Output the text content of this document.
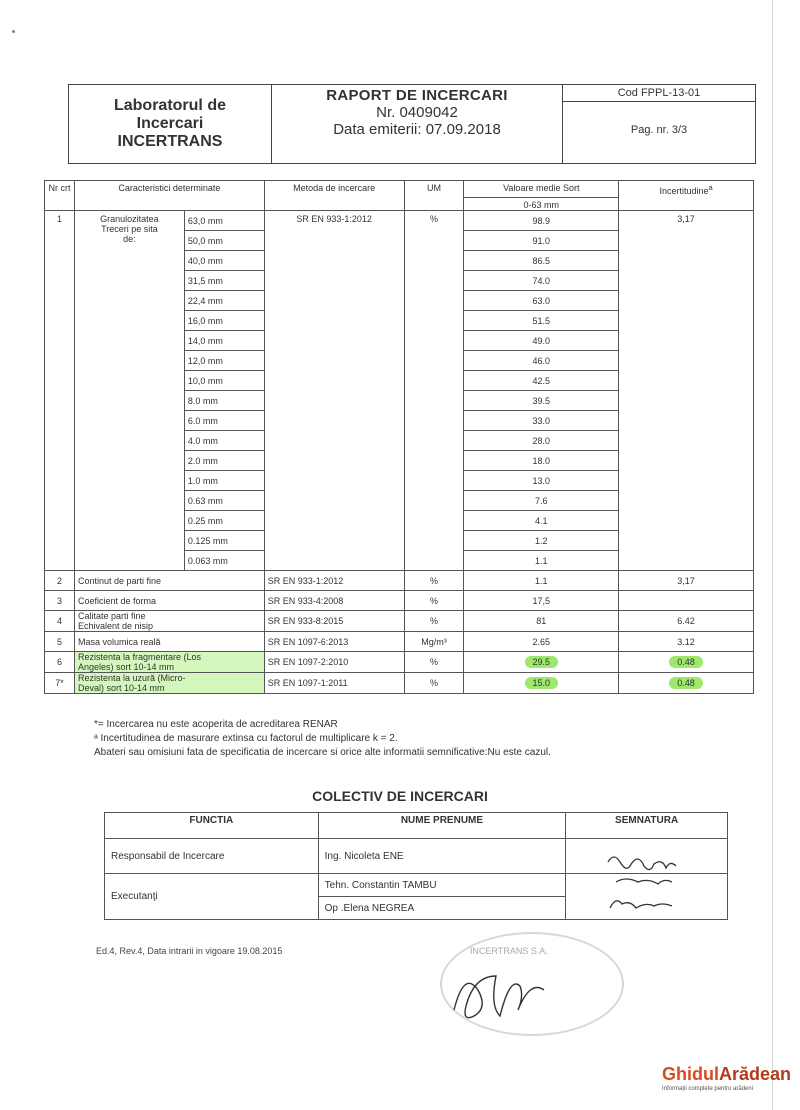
Laboratorul de
Incercari
INCERTRANS
RAPORT DE INCERCARI
Nr. 0409042
Data emiterii: 07.09.2018
Cod FPPL-13-01
Pag. nr. 3/3
Nr crt	Caracteristici determinate		Metoda de incercare	UM	Valoare medie Sort
0-63 mm	Incertitudine$^a$
1	Granulozitatea
Treceri pe sita
de:	63,0 mm	SR EN 933-1:2012	%	98.9	3,17
		50,0 mm			91.0	
		40,0 mm			86.5	
		31,5 mm			74.0	
		22,4 mm			63.0	
		16,0 mm			51.5	
		14,0 mm			49.0	
		12,0 mm			46.0	
		10,0 mm			42.5	
		8.0 mm			39.5	
		6.0 mm			33.0	
		4.0 mm			28.0	
		2.0 mm			18.0	
		1.0 mm			13.0	
		0.63 mm			7.6	
		0.25 mm			4.1	
		0.125 mm			1.2	
		0.063 mm			1.1	
2	Continut de parti fine		SR EN 933-1:2012	%	1.1	3,17
3	Coeficient de forma		SR EN 933-4:2008	%	17,5	
4	Calitate parti fine
Echivalent de nisip		SR EN 933-8:2015	%	81	6.42
5	Masa volumica reală		SR EN 1097-6:2013	Mg/m³	2.65	3.12
6	Rezistenta la fragmentare (Los
Angeles) sort 10-14 mm		SR EN 1097-2:2010	%	29.5	0.48
7*	Rezistenta la uzură (Micro-
Deval) sort 10-14 mm		SR EN 1097-1:2011	%	15.0	0.48
*= Incercarea nu este acoperita de acreditarea RENAR
ᵃ Incertitudinea de masurare extinsa cu factorul de multiplicare k = 2.
Abateri sau omisiuni fata de specificatia de incercare si orice alte informatii semnificative:Nu este cazul.
COLECTIV DE INCERCARI
FUNCTIA	NUME PRENUME	SEMNATURA
Responsabil de Incercare	Ing. Nicoleta ENE	
Executanţi	Tehn. Constantin TAMBU	
	Op .Elena NEGREA	
Ed.4, Rev.4, Data intrarii in vigoare 19.08.2015	INCERTRANS S.A.
GhidulArădean
Informații complete pentru arădeni
